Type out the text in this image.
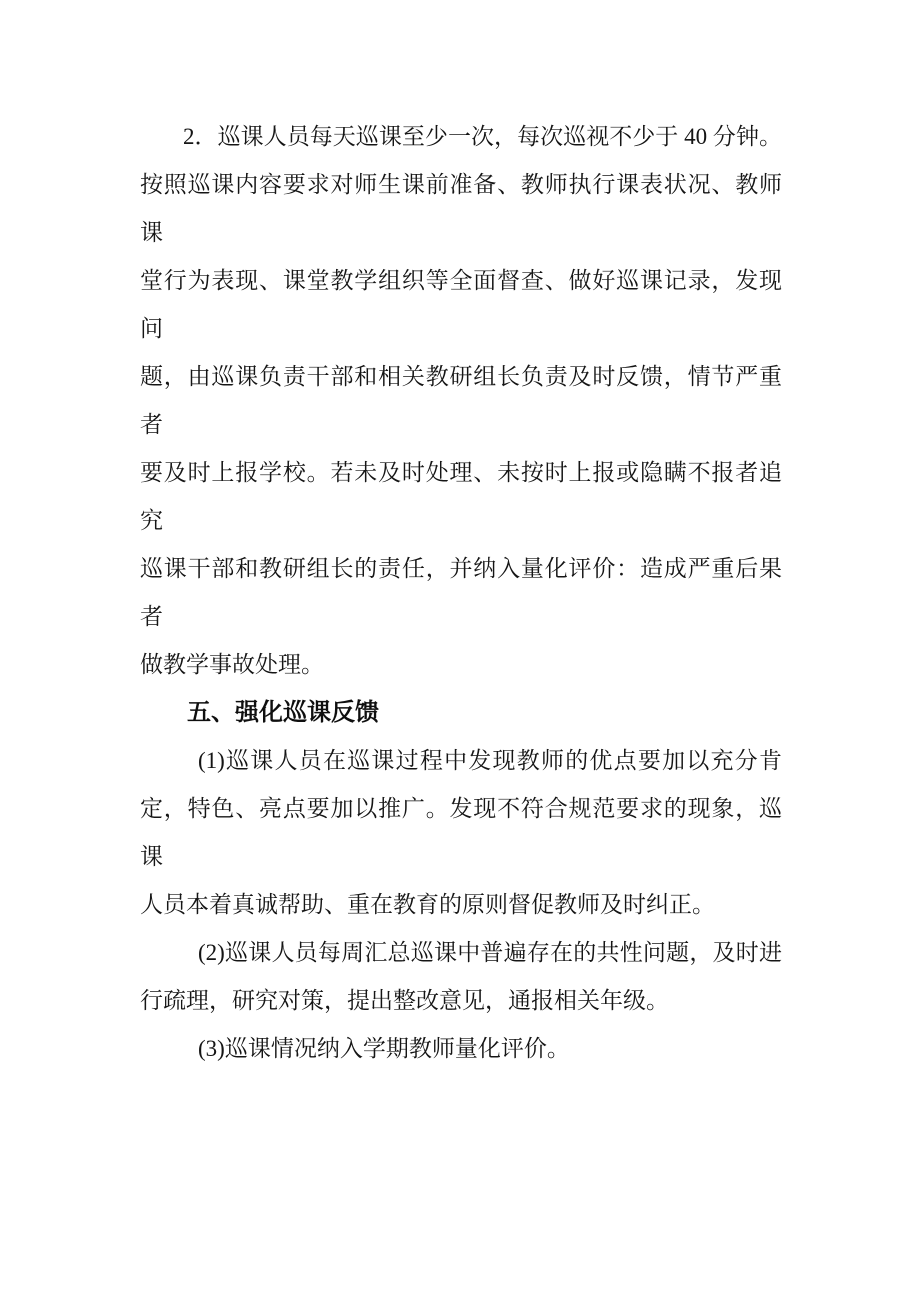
2．巡课人员每天巡课至少一次，每次巡视不少于 40 分钟。
按照巡课内容要求对师生课前准备、教师执行课表状况、教师课
堂行为表现、课堂教学组织等全面督查、做好巡课记录，发现问
题，由巡课负责干部和相关教研组长负责及时反馈，情节严重者
要及时上报学校。若未及时处理、未按时上报或隐瞒不报者追究
巡课干部和教研组长的责任，并纳入量化评价：造成严重后果者
做教学事故处理。
五、强化巡课反馈
(1)巡课人员在巡课过程中发现教师的优点要加以充分肯
定，特色、亮点要加以推广。发现不符合规范要求的现象，巡课
人员本着真诚帮助、重在教育的原则督促教师及时纠正。
(2)巡课人员每周汇总巡课中普遍存在的共性问题，及时进
行疏理，研究对策，提出整改意见，通报相关年级。
(3)巡课情况纳入学期教师量化评价。
